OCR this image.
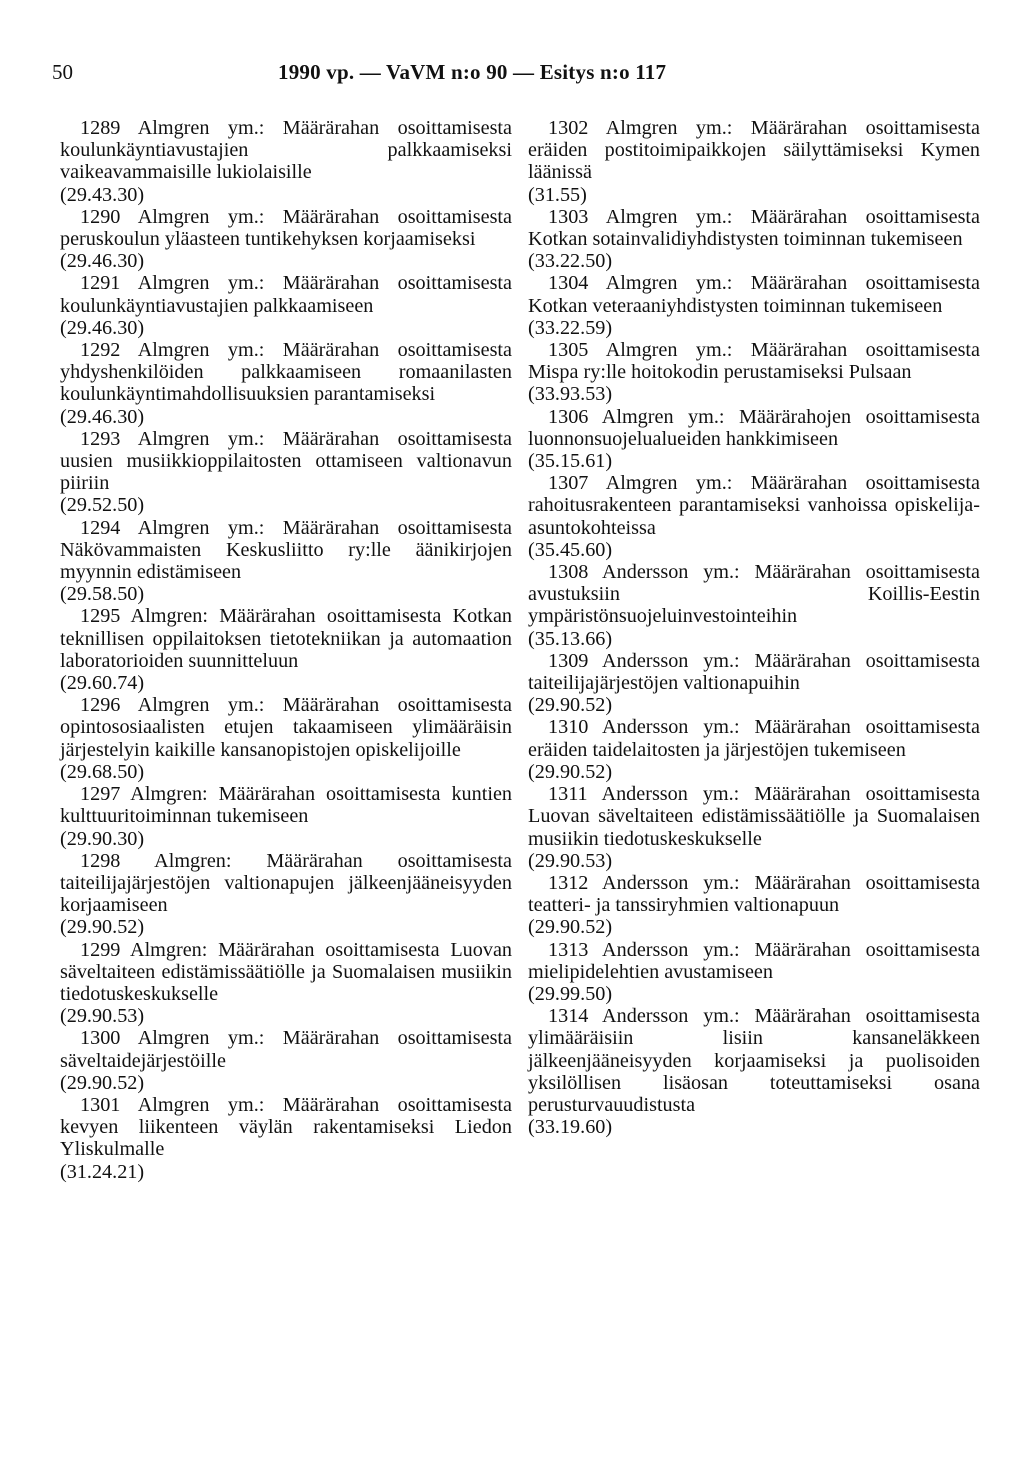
50	1990 vp. — VaVM n:o 90 — Esitys n:o 117

1289 Almgren ym.: Määrärahan osoittamisesta koulunkäyntiavustajien palkkaamiseksi vaikeavammaisille lukiolaisille

(29.43.30)

1290 Almgren ym.: Määrärahan osoittamisesta peruskoulun yläasteen tuntikehyksen korjaamiseksi

(29.46.30)

1291 Almgren ym.: Määrärahan osoittamisesta koulunkäyntiavustajien palkkaamiseen

(29.46.30)

1292 Almgren ym.: Määrärahan osoittamisesta yhdyshenkilöiden palkkaamiseen romaanilasten koulunkäyntimahdollisuuksien parantamiseksi

(29.46.30)

1293 Almgren ym.: Määrärahan osoittamisesta uusien musiikkioppilaitosten ottamiseen valtionavun piiriin

(29.52.50)

1294 Almgren ym.: Määrärahan osoittamisesta Näkövammaisten Keskusliitto ry:lle äänikirjojen myynnin edistämiseen

(29.58.50)

1295 Almgren: Määrärahan osoittamisesta Kotkan teknillisen oppilaitoksen tietotekniikan ja automaation laboratorioiden suunnitteluun

(29.60.74)

1296 Almgren ym.: Määrärahan osoittamisesta opintososiaalisten etujen takaamiseen ylimääräisin järjestelyin kaikille kansanopistojen opiskelijoille

(29.68.50)

1297 Almgren: Määrärahan osoittamisesta kuntien kulttuuritoiminnan tukemiseen

(29.90.30)

1298 Almgren: Määrärahan osoittamisesta taiteilijajärjestöjen valtionapujen jälkeenjääneisyyden korjaamiseen

(29.90.52)

1299 Almgren: Määrärahan osoittamisesta Luovan säveltaiteen edistämissäätiölle ja Suomalaisen musiikin tiedotuskeskukselle

(29.90.53)

1300 Almgren ym.: Määrärahan osoittamisesta säveltaidejärjestöille

(29.90.52)

1301 Almgren ym.: Määrärahan osoittamisesta kevyen liikenteen väylän rakentamiseksi Liedon Yliskulmalle

(31.24.21)

1302 Almgren ym.: Määrärahan osoittamisesta eräiden postitoimipaikkojen säilyttämiseksi Kymen läänissä

(31.55)

1303 Almgren ym.: Määrärahan osoittamisesta Kotkan sotainvalidiyhdistysten toiminnan tukemiseen

(33.22.50)

1304 Almgren ym.: Määrärahan osoittamisesta Kotkan veteraaniyhdistysten toiminnan tukemiseen

(33.22.59)

1305 Almgren ym.: Määrärahan osoittamisesta Mispa ry:lle hoitokodin perustamiseksi Pulsaan

(33.93.53)

1306 Almgren ym.: Määrärahojen osoittamisesta luonnonsuojelualueiden hankkimiseen

(35.15.61)

1307 Almgren ym.: Määrärahan osoittamisesta rahoitusrakenteen parantamiseksi vanhoissa opiskelija-asuntokohteissa

(35.45.60)

1308 Andersson ym.: Määrärahan osoittamisesta avustuksiin Koillis-Eestin ympäristönsuojeluinvestointeihin

(35.13.66)

1309 Andersson ym.: Määrärahan osoittamisesta taiteilijajärjestöjen valtionapuihin

(29.90.52)

1310 Andersson ym.: Määrärahan osoittamisesta eräiden taidelaitosten ja järjestöjen tukemiseen

(29.90.52)

1311 Andersson ym.: Määrärahan osoittamisesta Luovan säveltaiteen edistämissäätiölle ja Suomalaisen musiikin tiedotuskeskukselle

(29.90.53)

1312 Andersson ym.: Määrärahan osoittamisesta teatteri- ja tanssiryhmien valtionapuun

(29.90.52)

1313 Andersson ym.: Määrärahan osoittamisesta mielipidelehtien avustamiseen

(29.99.50)

1314 Andersson ym.: Määrärahan osoittamisesta ylimääräisiin lisiin kansaneläkkeen jälkeenjääneisyyden korjaamiseksi ja puolisoiden yksilöllisen lisäosan toteuttamiseksi osana perusturvauudistusta

(33.19.60)
